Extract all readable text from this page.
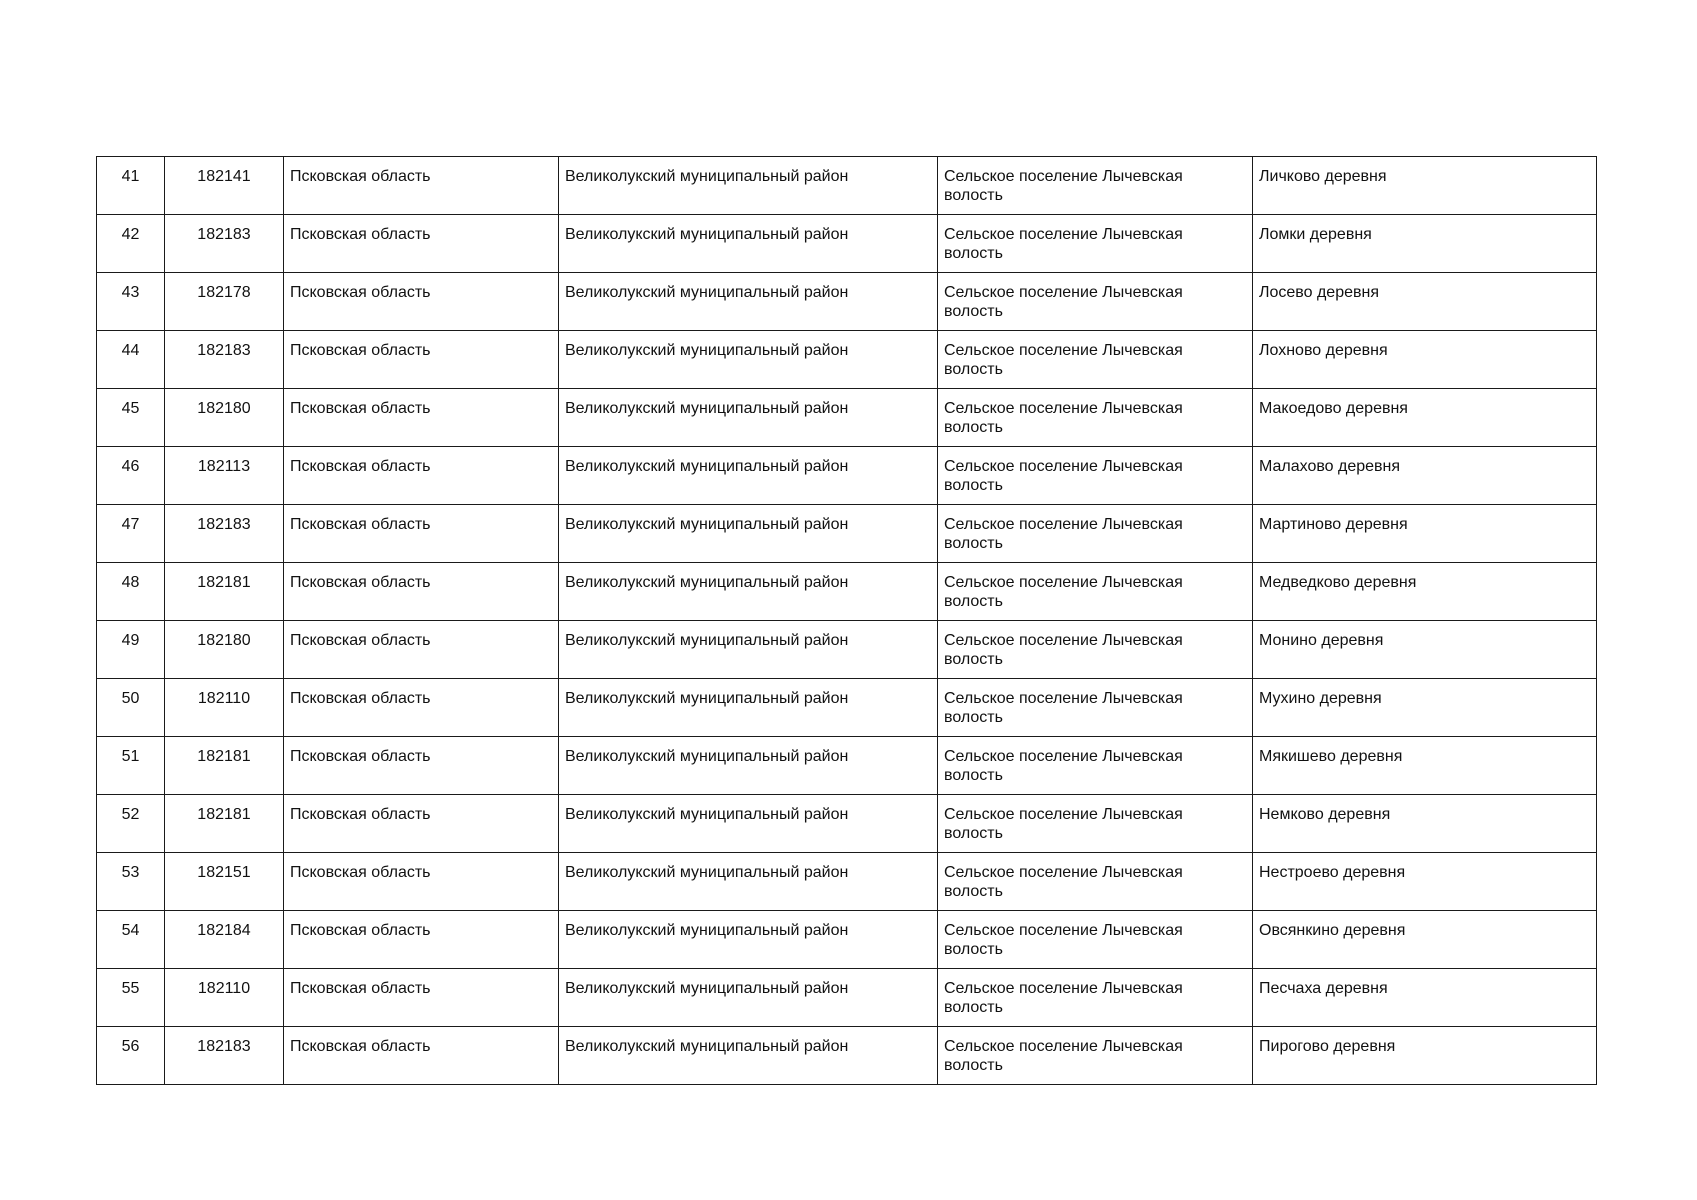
41	182141	Псковская область	Великолукский муниципальный район	Сельское поселение Лычевская волость	Личково деревня
42	182183	Псковская область	Великолукский муниципальный район	Сельское поселение Лычевская волость	Ломки деревня
43	182178	Псковская область	Великолукский муниципальный район	Сельское поселение Лычевская волость	Лосево деревня
44	182183	Псковская область	Великолукский муниципальный район	Сельское поселение Лычевская волость	Лохново деревня
45	182180	Псковская область	Великолукский муниципальный район	Сельское поселение Лычевская волость	Макоедово деревня
46	182113	Псковская область	Великолукский муниципальный район	Сельское поселение Лычевская волость	Малахово деревня
47	182183	Псковская область	Великолукский муниципальный район	Сельское поселение Лычевская волость	Мартиново деревня
48	182181	Псковская область	Великолукский муниципальный район	Сельское поселение Лычевская волость	Медведково деревня
49	182180	Псковская область	Великолукский муниципальный район	Сельское поселение Лычевская волость	Монино деревня
50	182110	Псковская область	Великолукский муниципальный район	Сельское поселение Лычевская волость	Мухино деревня
51	182181	Псковская область	Великолукский муниципальный район	Сельское поселение Лычевская волость	Мякишево деревня
52	182181	Псковская область	Великолукский муниципальный район	Сельское поселение Лычевская волость	Немково деревня
53	182151	Псковская область	Великолукский муниципальный район	Сельское поселение Лычевская волость	Нестроево деревня
54	182184	Псковская область	Великолукский муниципальный район	Сельское поселение Лычевская волость	Овсянкино деревня
55	182110	Псковская область	Великолукский муниципальный район	Сельское поселение Лычевская волость	Песчаха деревня
56	182183	Псковская область	Великолукский муниципальный район	Сельское поселение Лычевская волость	Пирогово деревня
